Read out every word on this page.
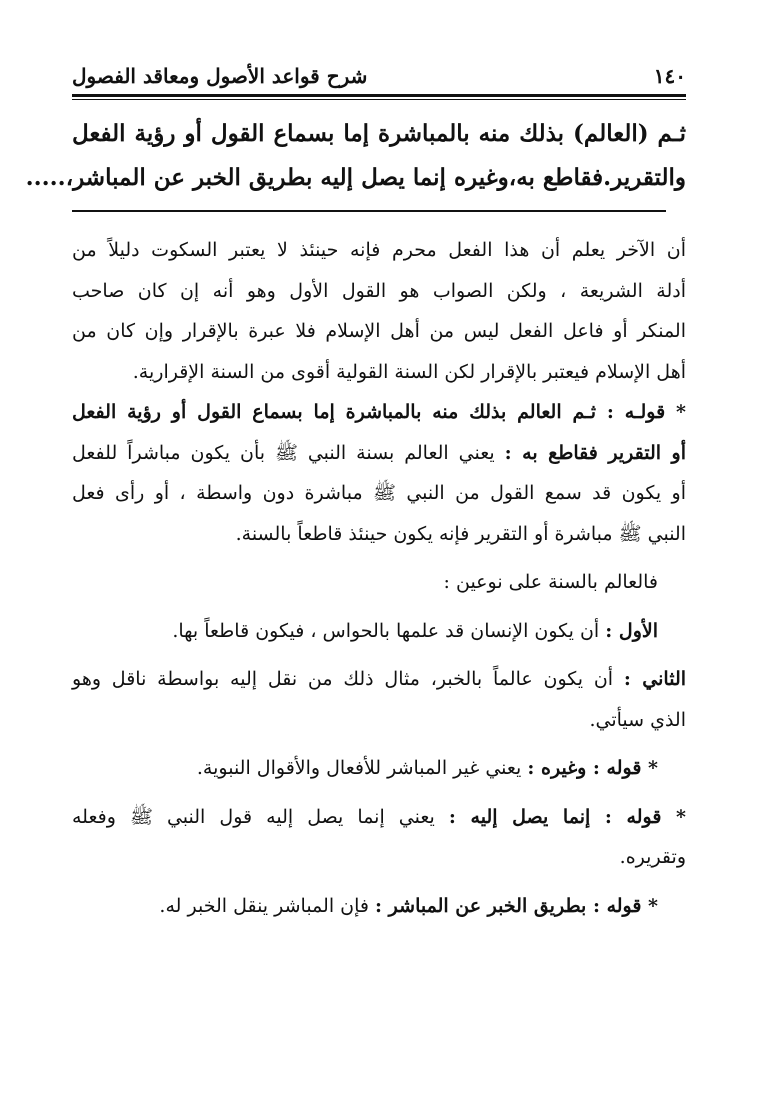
١٤٠
شرح قواعد الأصول ومعاقد الفصول
ثـم (العالم) بذلك منه بالمباشرة إما بسماع القول أو رؤية الفعل
والتقرير.فقاطع به،وغيره إنما يصل إليه بطريق الخبر عن المباشر،.....
أن الآخر يعلم أن هذا الفعل محرم فإنه حينئذ لا يعتبر السكوت دليلاً من
أدلة الشريعة ، ولكن الصواب هو القول الأول وهو أنه إن كان صاحب
المنكر أو فاعل الفعل ليس من أهل الإسلام فلا عبرة بالإقرار وإن كان من
أهل الإسلام فيعتبر بالإقرار لكن السنة القولية أقوى من السنة الإقرارية.
* قولـه : ثـم العالم بذلك منه بالمباشرة إما بسماع القول أو رؤية الفعل
أو التقرير فقاطع به : يعني العالم بسنة النبي ﷺ بأن يكون مباشراً للفعل
أو يكون قد سمع القول من النبي ﷺ مباشرة دون واسطة ، أو رأى فعل
النبي ﷺ مباشرة أو التقرير فإنه يكون حينئذ قاطعاً بالسنة.
فالعالم بالسنة على نوعين :
الأول : أن يكون الإنسان قد علمها بالحواس ، فيكون قاطعاً بها.
الثاني : أن يكون عالماً بالخبر، مثال ذلك من نقل إليه بواسطة ناقل وهو
الذي سيأتي.
* قوله : وغيره : يعني غير المباشر للأفعال والأقوال النبوية.
* قوله : إنما يصل إليه : يعني إنما يصل إليه قول النبي ﷺ وفعله
وتقريره.
* قوله : بطريق الخبر عن المباشر : فإن المباشر ينقل الخبر له.
